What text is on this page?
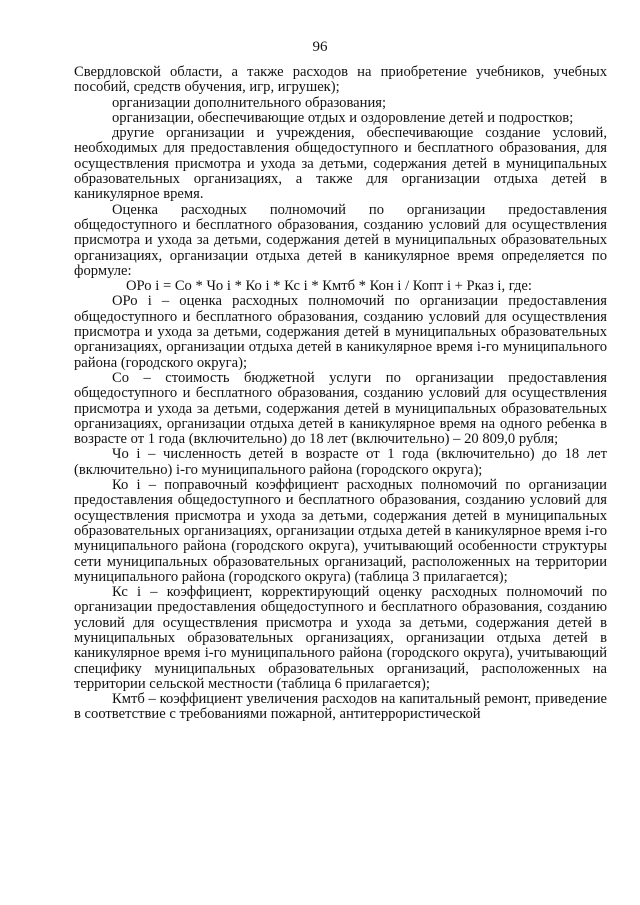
96

Свердловской области, а также расходов на приобретение учебников, учебных пособий, средств обучения, игр, игрушек);

организации дополнительного образования;

организации, обеспечивающие отдых и оздоровление детей и подростков;

другие организации и учреждения, обеспечивающие создание условий, необходимых для предоставления общедоступного и бесплатного образования, для осуществления присмотра и ухода за детьми, содержания детей в муниципальных образовательных организациях, а также для организации отдыха детей в каникулярное время.

Оценка расходных полномочий по организации предоставления общедоступного и бесплатного образования, созданию условий для осуществления присмотра и ухода за детьми, содержания детей в муниципальных образовательных организациях, организации отдыха детей в каникулярное время определяется по формуле:

ОРо i = Со * Чо i * Ко i * Кс i * Кмтб * Кон i / Копт i + Рказ i, где:

ОРо i – оценка расходных полномочий по организации предоставления общедоступного и бесплатного образования, созданию условий для осуществления присмотра и ухода за детьми, содержания детей в муниципальных образовательных организациях, организации отдыха детей в каникулярное время i-го муниципального района (городского округа);

Со – стоимость бюджетной услуги по организации предоставления общедоступного и бесплатного образования, созданию условий для осуществления присмотра и ухода за детьми, содержания детей в муниципальных образовательных организациях, организации отдыха детей в каникулярное время на одного ребенка в возрасте от 1 года (включительно) до 18 лет (включительно) – 20 809,0 рубля;

Чо i – численность детей в возрасте от 1 года (включительно) до 18 лет (включительно) i-го муниципального района (городского округа);

Ко i – поправочный коэффициент расходных полномочий по организации предоставления общедоступного и бесплатного образования, созданию условий для осуществления присмотра и ухода за детьми, содержания детей в муниципальных образовательных организациях, организации отдыха детей в каникулярное время i-го муниципального района (городского округа), учитывающий особенности структуры сети муниципальных образовательных организаций, расположенных на территории муниципального района (городского округа) (таблица 3 прилагается);

Кс i – коэффициент, корректирующий оценку расходных полномочий по организации предоставления общедоступного и бесплатного образования, созданию условий для осуществления присмотра и ухода за детьми, содержания детей в муниципальных образовательных организациях, организации отдыха детей в каникулярное время i-го муниципального района (городского округа), учитывающий специфику муниципальных образовательных организаций, расположенных на территории сельской местности (таблица 6 прилагается);

Кмтб – коэффициент увеличения расходов на капитальный ремонт, приведение в соответствие с требованиями пожарной, антитеррористической
